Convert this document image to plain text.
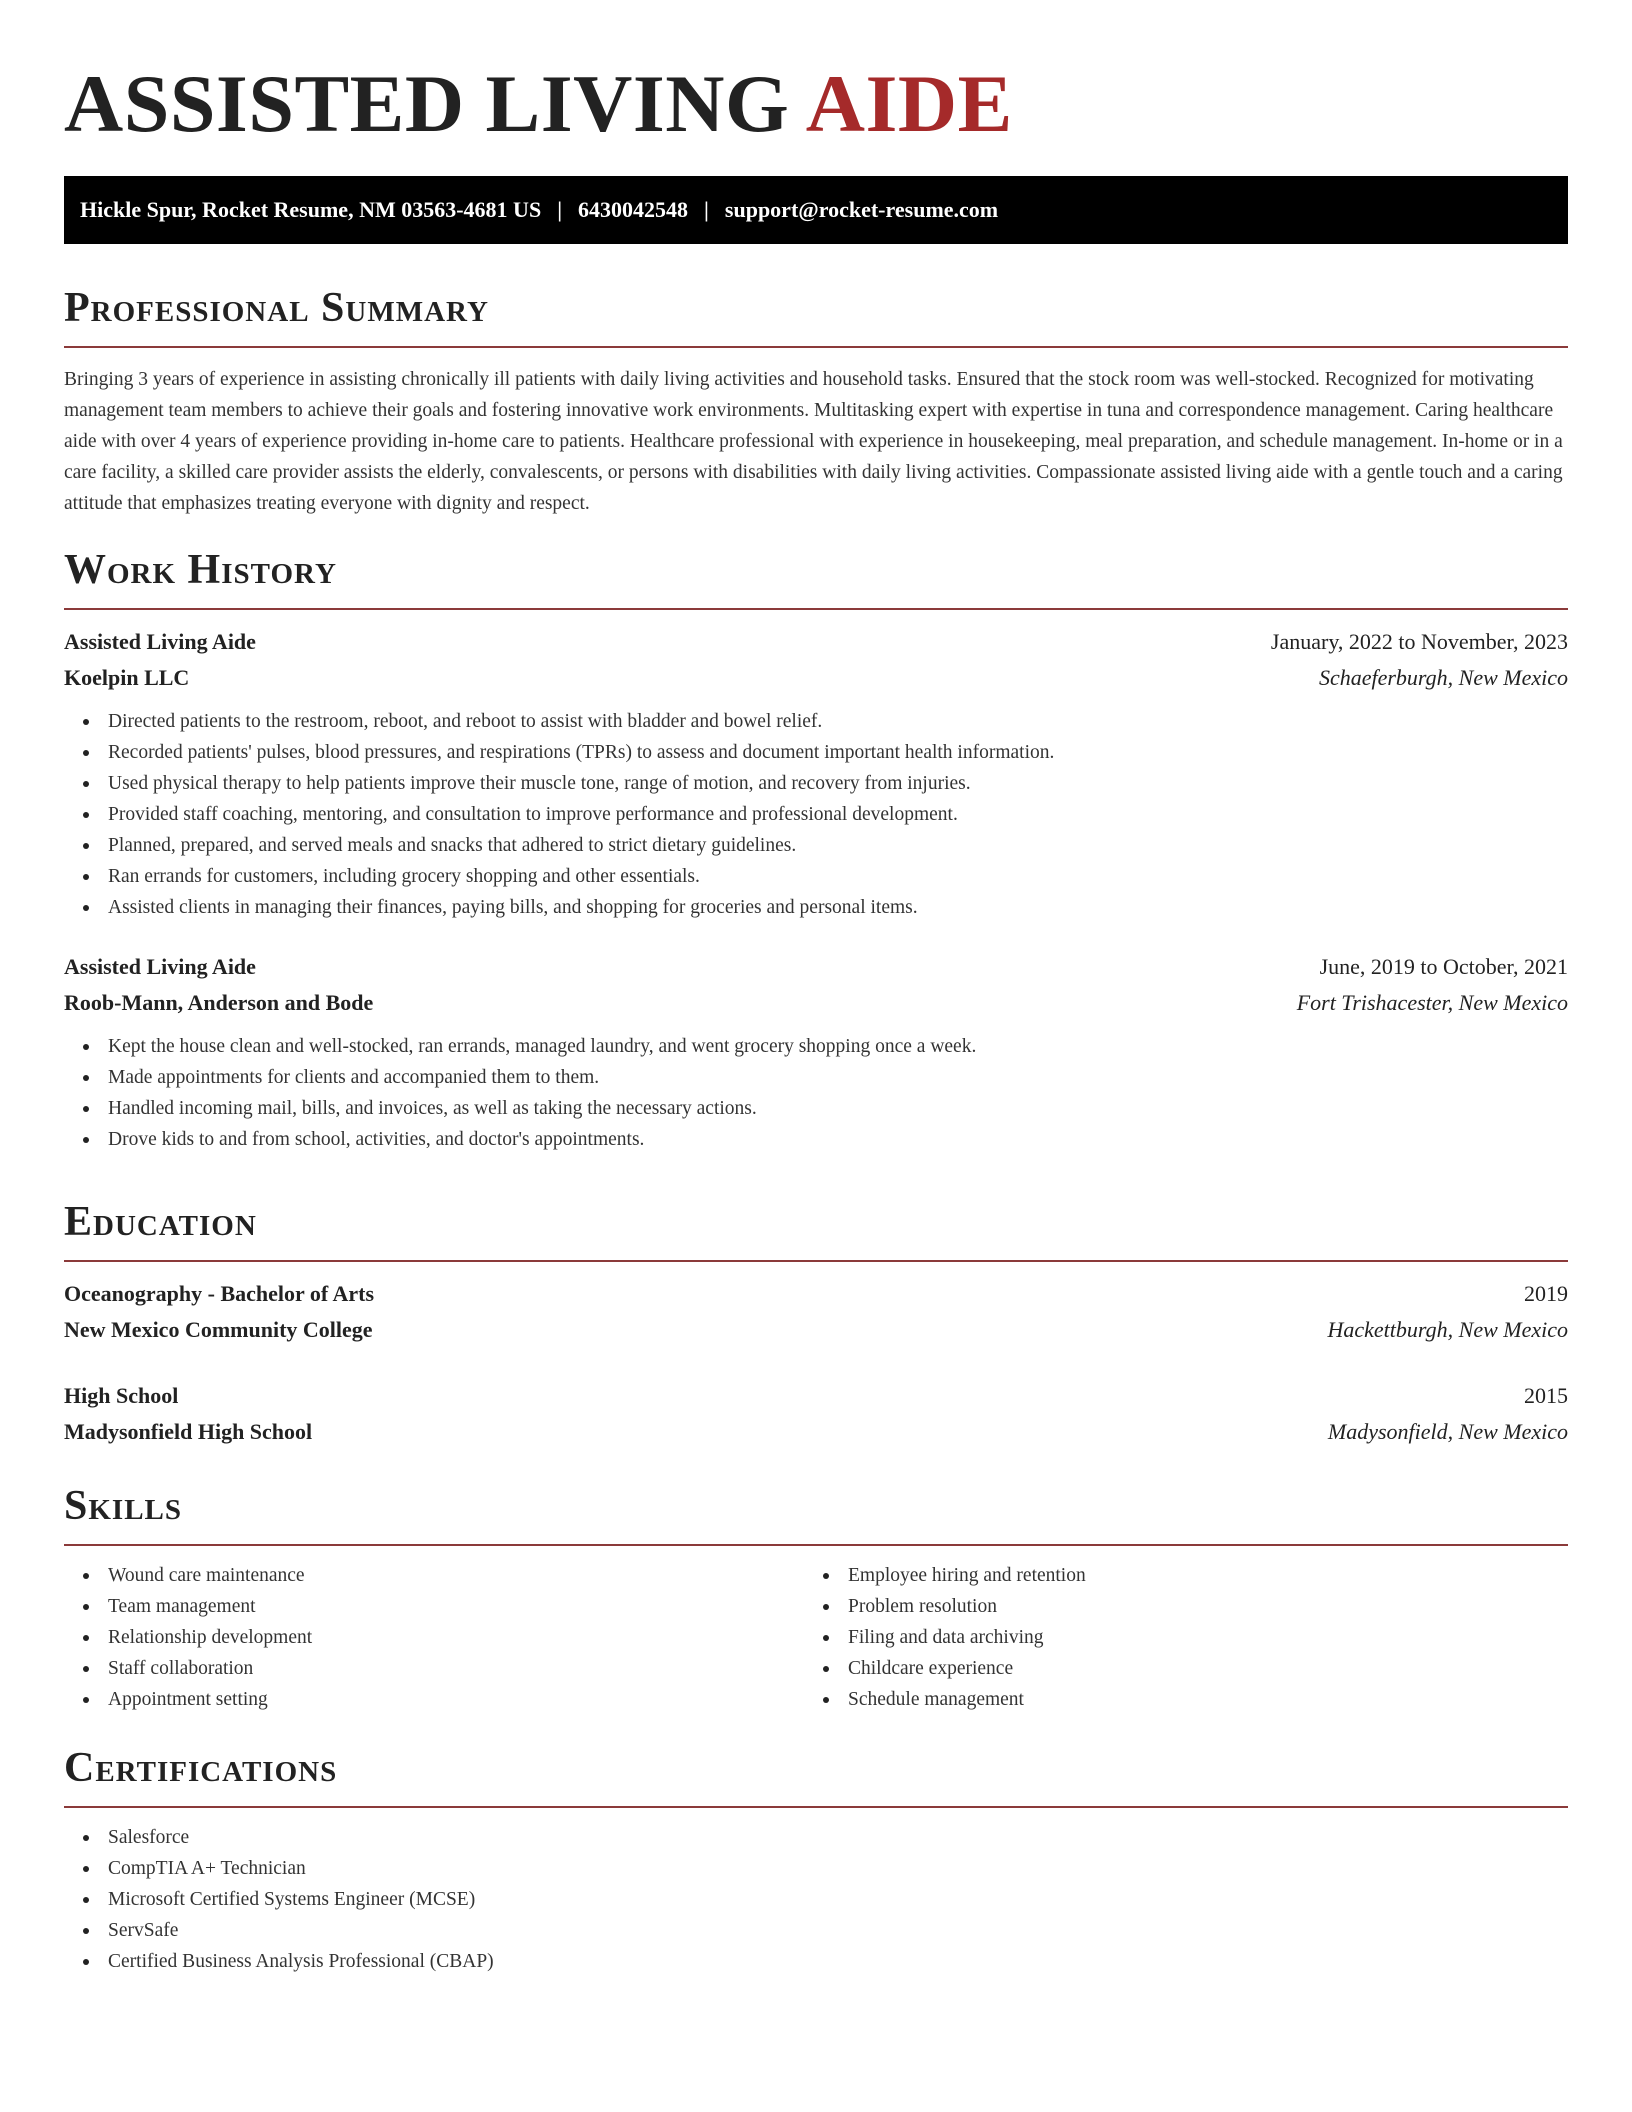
ASSISTED LIVING AIDE
Hickle Spur, Rocket Resume, NM 03563-4681 US | 6430042548 | support@rocket-resume.com
Professional Summary

Bringing 3 years of experience in assisting chronically ill patients with daily living activities and household tasks. Ensured that the stock room was well-stocked. Recognized for motivating management team members to achieve their goals and fostering innovative work environments. Multitasking expert with expertise in tuna and correspondence management. Caring healthcare aide with over 4 years of experience providing in-home care to patients. Healthcare professional with experience in housekeeping, meal preparation, and schedule management. In-home or in a care facility, a skilled care provider assists the elderly, convalescents, or persons with disabilities with daily living activities. Compassionate assisted living aide with a gentle touch and a caring attitude that emphasizes treating everyone with dignity and respect.

Work History
Assisted Living Aide	January, 2022 to November, 2023
Koelpin LLC	Schaeferburgh, New Mexico
Directed patients to the restroom, reboot, and reboot to assist with bladder and bowel relief.
Recorded patients' pulses, blood pressures, and respirations (TPRs) to assess and document important health information.
Used physical therapy to help patients improve their muscle tone, range of motion, and recovery from injuries.
Provided staff coaching, mentoring, and consultation to improve performance and professional development.
Planned, prepared, and served meals and snacks that adhered to strict dietary guidelines.
Ran errands for customers, including grocery shopping and other essentials.
Assisted clients in managing their finances, paying bills, and shopping for groceries and personal items.
Assisted Living Aide	June, 2019 to October, 2021
Roob-Mann, Anderson and Bode	Fort Trishacester, New Mexico
Kept the house clean and well-stocked, ran errands, managed laundry, and went grocery shopping once a week.
Made appointments for clients and accompanied them to them.
Handled incoming mail, bills, and invoices, as well as taking the necessary actions.
Drove kids to and from school, activities, and doctor's appointments.
Education
Oceanography - Bachelor of Arts	2019
New Mexico Community College	Hackettburgh, New Mexico
High School	2015
Madysonfield High School	Madysonfield, New Mexico
Skills
Wound care maintenance
Team management
Relationship development
Staff collaboration
Appointment setting
Employee hiring and retention
Problem resolution
Filing and data archiving
Childcare experience
Schedule management
Certifications
Salesforce
CompTIA A+ Technician
Microsoft Certified Systems Engineer (MCSE)
ServSafe
Certified Business Analysis Professional (CBAP)
